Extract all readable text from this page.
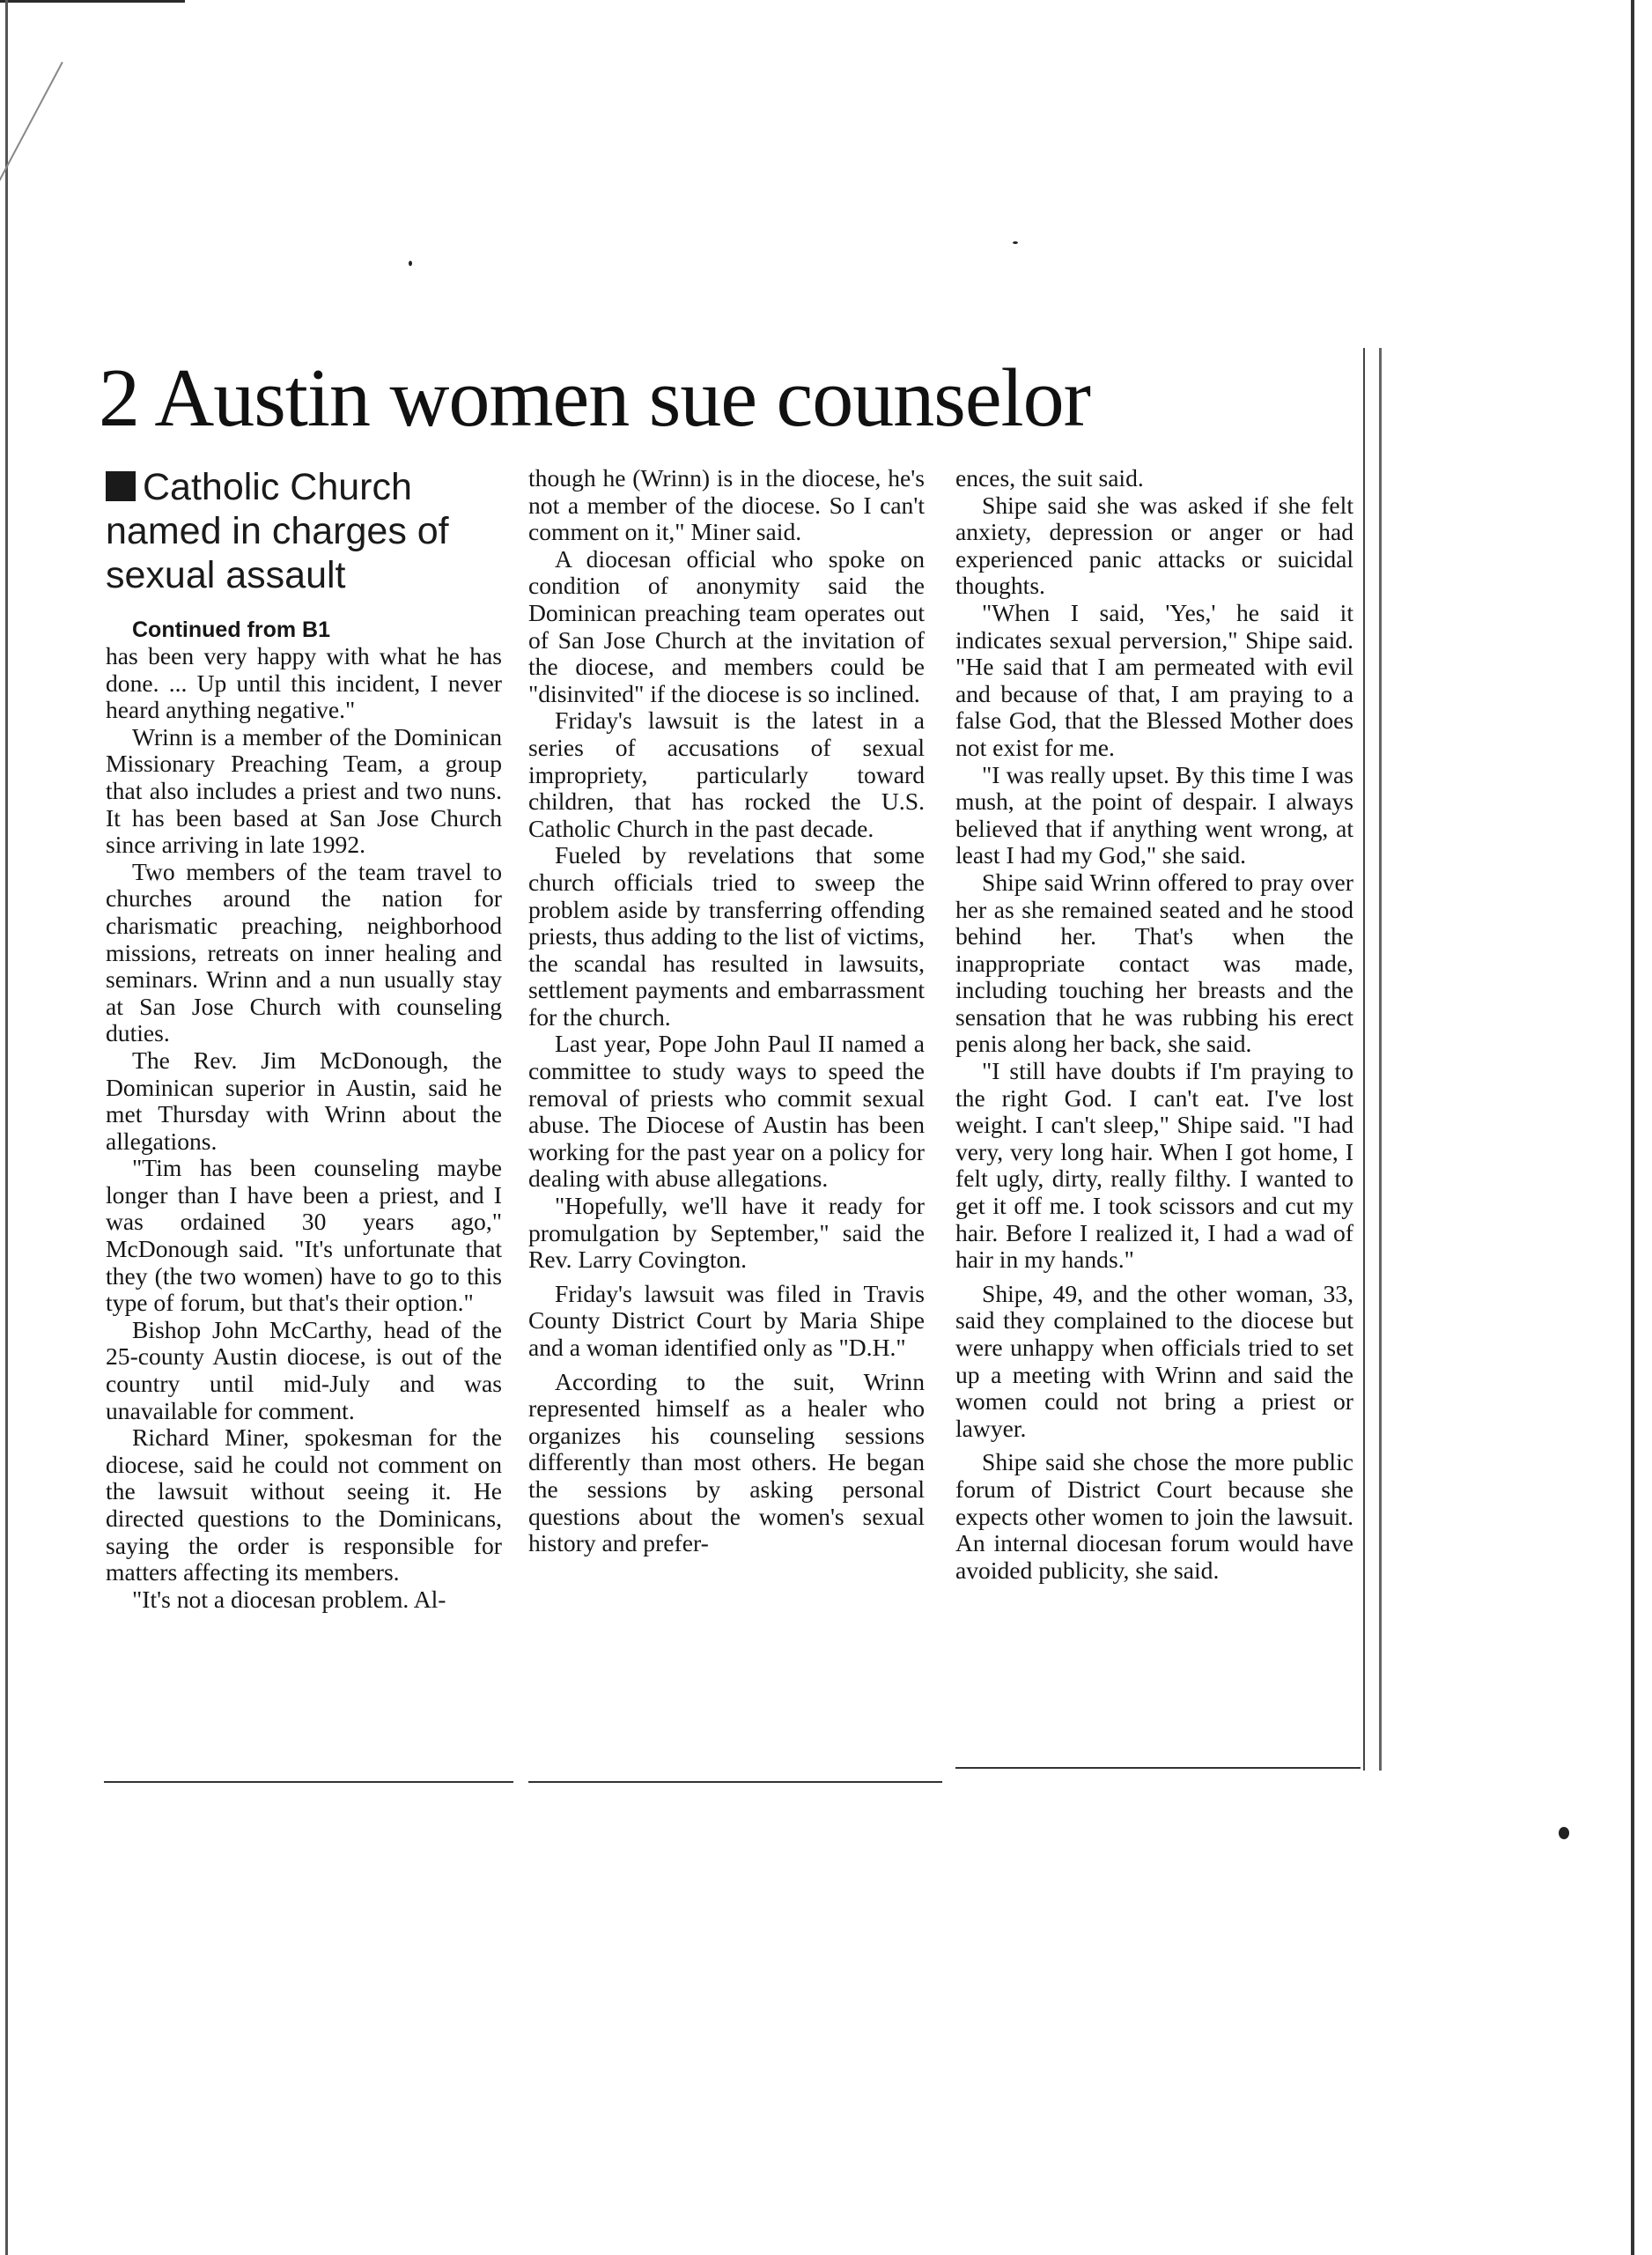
2 Austin women sue counselor
Catholic Church named in charges of sexual assault

Continued from B1

has been very happy with what he has done. ... Up until this incident, I never heard anything negative."

Wrinn is a member of the Dominican Missionary Preaching Team, a group that also includes a priest and two nuns. It has been based at San Jose Church since arriving in late 1992.

Two members of the team travel to churches around the nation for charismatic preaching, neighborhood missions, retreats on inner healing and seminars. Wrinn and a nun usually stay at San Jose Church with counseling duties.

The Rev. Jim McDonough, the Dominican superior in Austin, said he met Thursday with Wrinn about the allegations.

"Tim has been counseling maybe longer than I have been a priest, and I was ordained 30 years ago," McDonough said. "It's unfortunate that they (the two women) have to go to this type of forum, but that's their option."

Bishop John McCarthy, head of the 25-county Austin diocese, is out of the country until mid-July and was unavailable for comment.

Richard Miner, spokesman for the diocese, said he could not comment on the lawsuit without seeing it. He directed questions to the Dominicans, saying the order is responsible for matters affecting its members.

"It's not a diocesan problem. Al-

though he (Wrinn) is in the diocese, he's not a member of the diocese. So I can't comment on it," Miner said.

A diocesan official who spoke on condition of anonymity said the Dominican preaching team operates out of San Jose Church at the invitation of the diocese, and members could be "disinvited" if the diocese is so inclined.

Friday's lawsuit is the latest in a series of accusations of sexual impropriety, particularly toward children, that has rocked the U.S. Catholic Church in the past decade.

Fueled by revelations that some church officials tried to sweep the problem aside by transferring offending priests, thus adding to the list of victims, the scandal has resulted in lawsuits, settlement payments and embarrassment for the church.

Last year, Pope John Paul II named a committee to study ways to speed the removal of priests who commit sexual abuse. The Diocese of Austin has been working for the past year on a policy for dealing with abuse allegations.

"Hopefully, we'll have it ready for promulgation by September," said the Rev. Larry Covington.

Friday's lawsuit was filed in Travis County District Court by Maria Shipe and a woman identified only as "D.H."

According to the suit, Wrinn represented himself as a healer who organizes his counseling sessions differently than most others. He began the sessions by asking personal questions about the women's sexual history and prefer-

ences, the suit said.

Shipe said she was asked if she felt anxiety, depression or anger or had experienced panic attacks or suicidal thoughts.

"When I said, 'Yes,' he said it indicates sexual perversion," Shipe said. "He said that I am permeated with evil and because of that, I am praying to a false God, that the Blessed Mother does not exist for me.

"I was really upset. By this time I was mush, at the point of despair. I always believed that if anything went wrong, at least I had my God," she said.

Shipe said Wrinn offered to pray over her as she remained seated and he stood behind her. That's when the inappropriate contact was made, including touching her breasts and the sensation that he was rubbing his erect penis along her back, she said.

"I still have doubts if I'm praying to the right God. I can't eat. I've lost weight. I can't sleep," Shipe said. "I had very, very long hair. When I got home, I felt ugly, dirty, really filthy. I wanted to get it off me. I took scissors and cut my hair. Before I realized it, I had a wad of hair in my hands."

Shipe, 49, and the other woman, 33, said they complained to the diocese but were unhappy when officials tried to set up a meeting with Wrinn and said the women could not bring a priest or lawyer.

Shipe said she chose the more public forum of District Court because she expects other women to join the lawsuit. An internal diocesan forum would have avoided publicity, she said.
